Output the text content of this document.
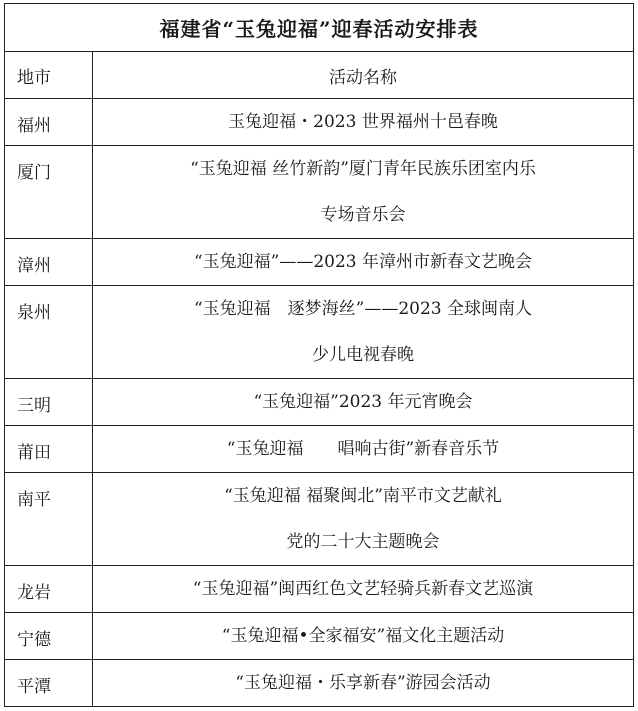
福建省“玉兔迎福”迎春活动安排表	
地市	活动名称
福州	玉兔迎福・2023 世界福州十邑春晚

厦门	“玉兔迎福 丝竹新韵”厦门青年民族乐团室内乐
专场音乐会

漳州	“玉兔迎福”——2023 年漳州市新春文艺晚会

泉州	“玉兔迎福　逐梦海丝”——2023 全球闽南人
少儿电视春晚

三明	“玉兔迎福”2023 年元宵晚会

莆田	“玉兔迎福　　唱响古街”新春音乐节

南平	“玉兔迎福 福聚闽北”南平市文艺献礼
党的二十大主题晚会

龙岩	“玉兔迎福”闽西红色文艺轻骑兵新春文艺巡演

宁德	“玉兔迎福•全家福安”福文化主题活动

平潭	“玉兔迎福・乐享新春”游园会活动
